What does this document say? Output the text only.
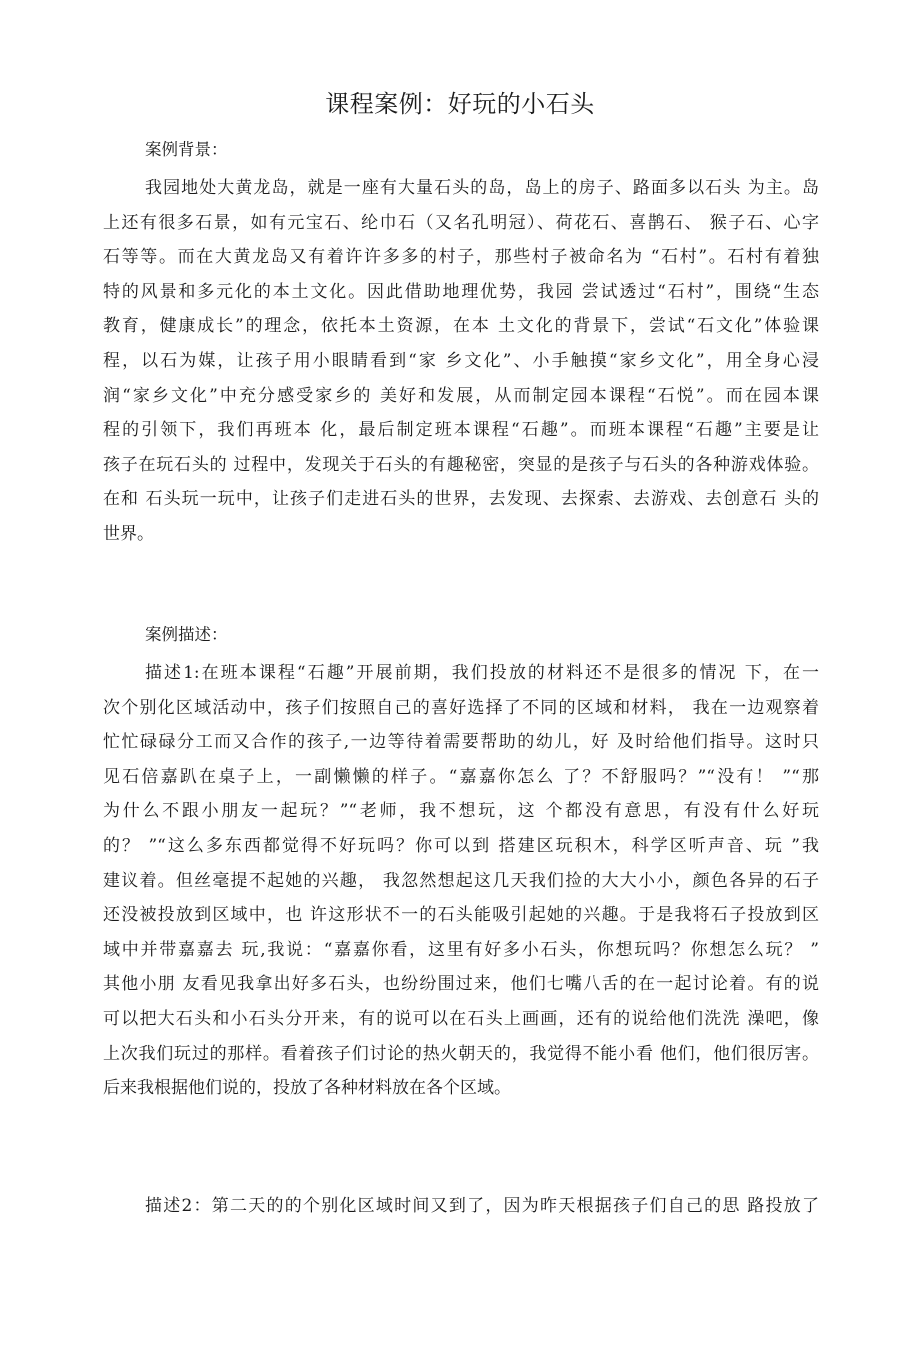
课程案例：好玩的小石头
案例背景：
我园地处大黄龙岛，就是一座有大量石头的岛，岛上的房子、路面多以石头 为主。岛
上还有很多石景，如有元宝石、纶巾石（又名孔明冠）、荷花石、喜鹊石、 猴子石、心字
石等等。而在大黄龙岛又有着许许多多的村子，那些村子被命名为 “石村”。石村有着独
特的风景和多元化的本土文化。因此借助地理优势，我园 尝试透过“石村”，围绕“生态
教育，健康成长”的理念，依托本土资源，在本 土文化的背景下，尝试“石文化”体验课
程，以石为媒，让孩子用小眼睛看到“家 乡文化”、小手触摸“家乡文化”，用全身心浸
润“家乡文化”中充分感受家乡的 美好和发展，从而制定园本课程“石悦”。而在园本课
程的引领下，我们再班本 化，最后制定班本课程“石趣”。而班本课程“石趣”主要是让
孩子在玩石头的 过程中，发现关于石头的有趣秘密，突显的是孩子与石头的各种游戏体验。
在和 石头玩一玩中，让孩子们走进石头的世界，去发现、去探索、去游戏、去创意石 头的
世界。
案例描述：
描述1:在班本课程“石趣”开展前期，我们投放的材料还不是很多的情况 下，在一
次个别化区域活动中，孩子们按照自己的喜好选择了不同的区域和材料， 我在一边观察着
忙忙碌碌分工而又合作的孩子,一边等待着需要帮助的幼儿，好 及时给他们指导。这时只
见石倍嘉趴在桌子上，一副懒懒的样子。“嘉嘉你怎么 了？不舒服吗？”“没有！ ”“那
为什么不跟小朋友一起玩？”“老师，我不想玩，这 个都没有意思，有没有什么好玩
的？ ”“这么多东西都觉得不好玩吗？你可以到 搭建区玩积木，科学区听声音、玩 ”我
建议着。但丝毫提不起她的兴趣， 我忽然想起这几天我们捡的大大小小，颜色各异的石子
还没被投放到区域中，也 许这形状不一的石头能吸引起她的兴趣。于是我将石子投放到区
域中并带嘉嘉去 玩,我说：“嘉嘉你看，这里有好多小石头，你想玩吗？你想怎么玩？ ”
其他小朋 友看见我拿出好多石头，也纷纷围过来，他们七嘴八舌的在一起讨论着。有的说
可以把大石头和小石头分开来，有的说可以在石头上画画，还有的说给他们洗洗 澡吧，像
上次我们玩过的那样。看着孩子们讨论的热火朝天的，我觉得不能小看 他们，他们很厉害。
后来我根据他们说的，投放了各种材料放在各个区域。
描述2：第二天的的个别化区域时间又到了，因为昨天根据孩子们自己的思 路投放了
